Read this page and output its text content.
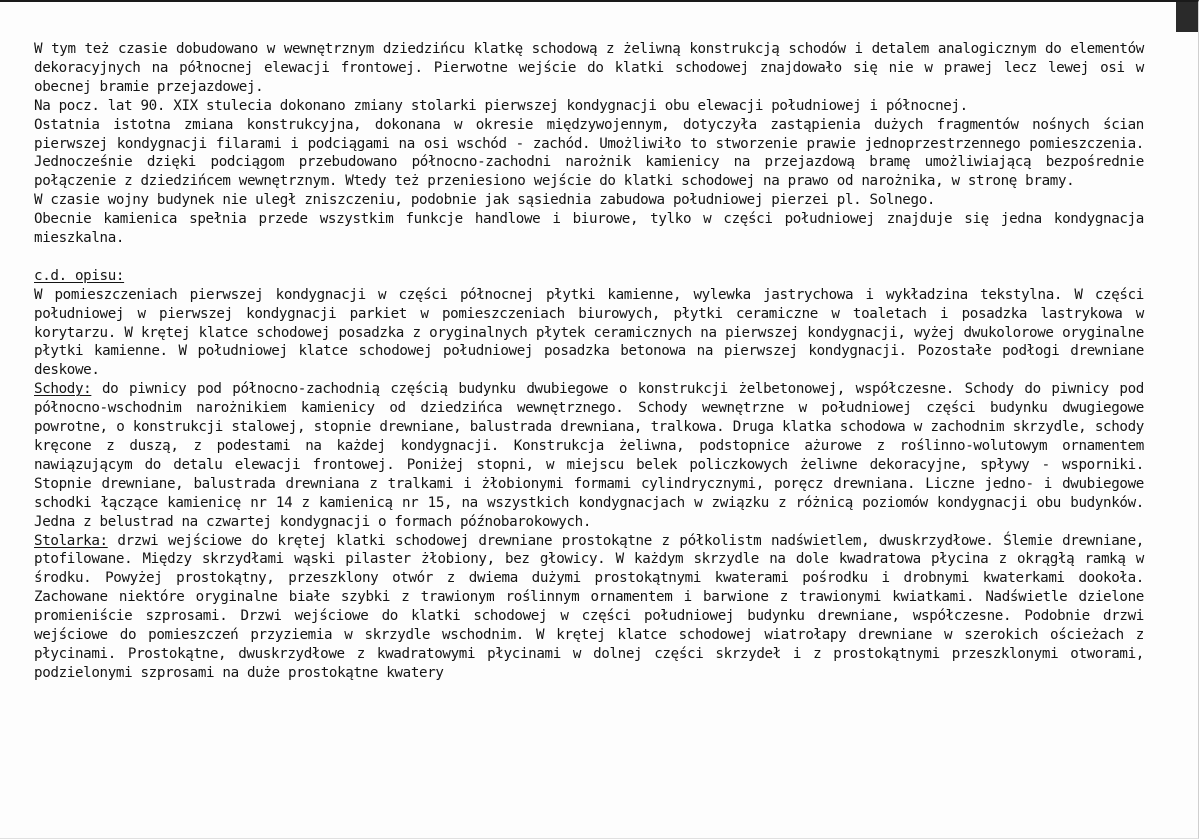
W tym też czasie dobudowano w wewnętrznym dziedzińcu klatkę schodową z żeliwną konstrukcją schodów i detalem analogicznym do elementów dekoracyjnych na północnej elewacji frontowej. Pierwotne wejście do klatki schodowej znajdowało się nie w prawej lecz lewej osi w obecnej bramie przejazdowej.

Na pocz. lat 90. XIX stulecia dokonano zmiany stolarki pierwszej kondygnacji obu elewacji południowej i północnej.

Ostatnia istotna zmiana konstrukcyjna, dokonana w okresie międzywojennym, dotyczyła zastąpienia dużych fragmentów nośnych ścian pierwszej kondygnacji filarami i podciągami na osi wschód - zachód. Umożliwiło to stworzenie prawie jednoprzestrzennego pomieszczenia. Jednocześnie dzięki podciągom przebudowano północno-zachodni narożnik kamienicy na przejazdową bramę umożliwiającą bezpośrednie połączenie z dziedzińcem wewnętrznym. Wtedy też przeniesiono wejście do klatki schodowej na prawo od narożnika, w stronę bramy.

W czasie wojny budynek nie uległ zniszczeniu, podobnie jak sąsiednia zabudowa południowej pierzei pl. Solnego.

Obecnie kamienica spełnia przede wszystkim funkcje handlowe i biurowe, tylko w części południowej znajduje się jedna kondygnacja mieszkalna.

c.d. opisu:

W pomieszczeniach pierwszej kondygnacji w części północnej płytki kamienne, wylewka jastrychowa i wykładzina tekstylna. W części południowej w pierwszej kondygnacji parkiet w pomieszczeniach biurowych, płytki ceramiczne w toaletach i posadzka lastrykowa w korytarzu. W krętej klatce schodowej posadzka z oryginalnych płytek ceramicznych na pierwszej kondygnacji, wyżej dwukolorowe oryginalne płytki kamienne. W południowej klatce schodowej południowej posadzka betonowa na pierwszej kondygnacji. Pozostałe podłogi drewniane deskowe.

Schody: do piwnicy pod północno-zachodnią częścią budynku dwubiegowe o konstrukcji żelbetonowej, współczesne. Schody do piwnicy pod północno-wschodnim narożnikiem kamienicy od dziedzińca wewnętrznego. Schody wewnętrzne w południowej części budynku dwugiegowe powrotne, o konstrukcji stalowej, stopnie drewniane, balustrada drewniana, tralkowa. Druga klatka schodowa w zachodnim skrzydle, schody kręcone z duszą, z podestami na każdej kondygnacji. Konstrukcja żeliwna, podstopnice ażurowe z roślinno-wolutowym ornamentem nawiązującym do detalu elewacji frontowej. Poniżej stopni, w miejscu belek policzkowych żeliwne dekoracyjne, spływy - wsporniki. Stopnie drewniane, balustrada drewniana z tralkami i żłobionymi formami cylindrycznymi, poręcz drewniana. Liczne jedno- i dwubiegowe schodki łączące kamienicę nr 14 z kamienicą nr 15, na wszystkich kondygnacjach w związku z różnicą poziomów kondygnacji obu budynków. Jedna z belustrad na czwartej kondygnacji o formach późnobarokowych.

Stolarka: drzwi wejściowe do krętej klatki schodowej drewniane prostokątne z półkolistm nadświetlem, dwuskrzydłowe. Ślemie drewniane, ptofilowane. Między skrzydłami wąski pilaster żłobiony, bez głowicy. W każdym skrzydle na dole kwadratowa płycina z okrągłą ramką w środku. Powyżej prostokątny, przeszklony otwór z dwiema dużymi prostokątnymi kwaterami pośrodku i drobnymi kwaterkami dookoła. Zachowane niektóre oryginalne białe szybki z trawionym roślinnym ornamentem i barwione z trawionymi kwiatkami. Nadświetle dzielone promieniście szprosami. Drzwi wejściowe do klatki schodowej w części południowej budynku drewniane, współczesne. Podobnie drzwi wejściowe do pomieszczeń przyziemia w skrzydle wschodnim. W krętej klatce schodowej wiatrołapy drewniane w szerokich ościeżach z płycinami. Prostokątne, dwuskrzydłowe z kwadratowymi płycinami w dolnej części skrzydeł i z prostokątnymi przeszklonymi otworami, podzielonymi szprosami na duże prostokątne kwatery
